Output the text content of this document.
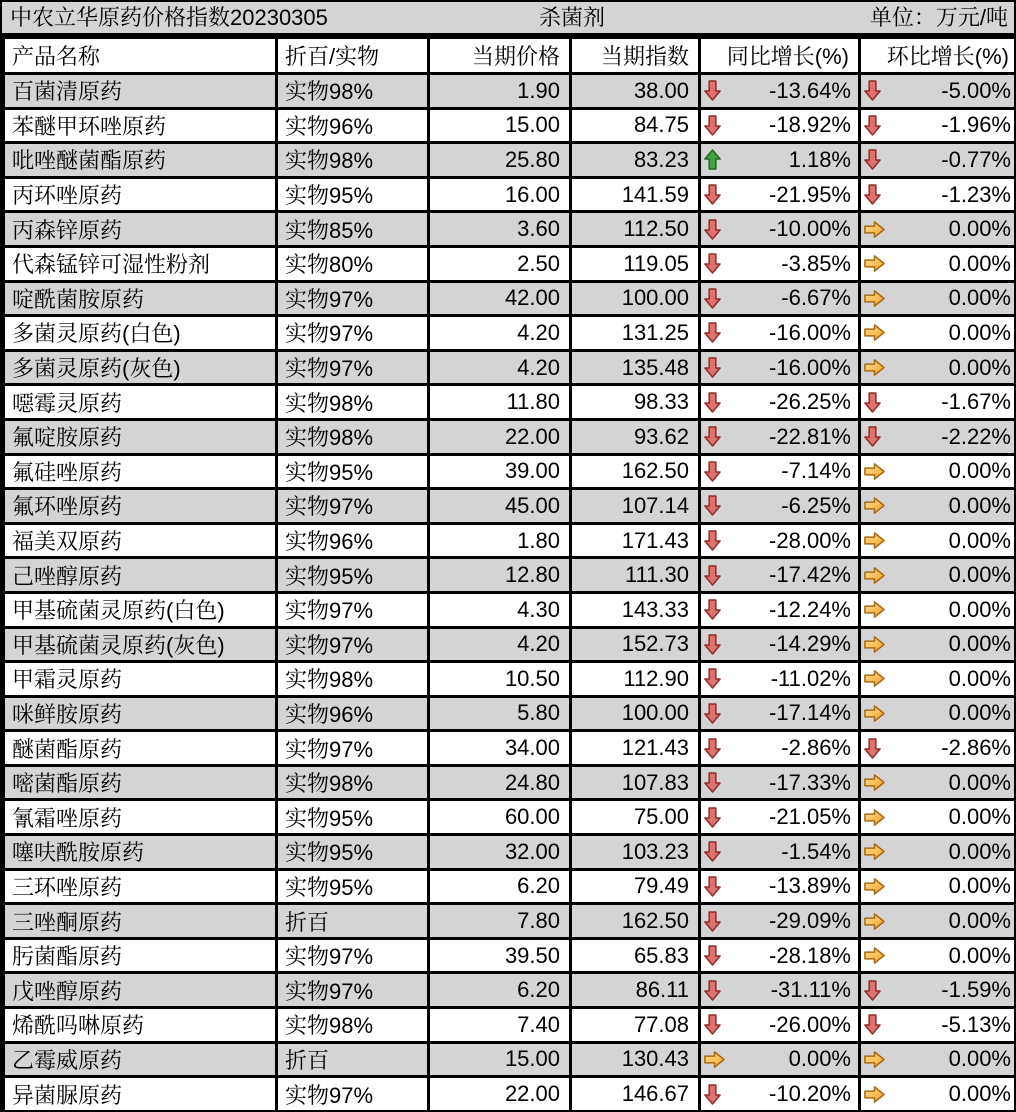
中农立华原药价格指数20230305	杀菌剂	单位：万元/吨
产品名称	折百/实物	当期价格	当期指数	同比增长(%)	环比增长(%)
百菌清原药	实物98%	1.90	38.00	-13.64%	-5.00%

苯醚甲环唑原药	实物96%	15.00	84.75	-18.92%	-1.96%

吡唑醚菌酯原药	实物98%	25.80	83.23	1.18%	-0.77%

丙环唑原药	实物95%	16.00	141.59	-21.95%	-1.23%

丙森锌原药	实物85%	3.60	112.50	-10.00%	0.00%

代森锰锌可湿性粉剂	实物80%	2.50	119.05	-3.85%	0.00%

啶酰菌胺原药	实物97%	42.00	100.00	-6.67%	0.00%

多菌灵原药(白色)	实物97%	4.20	131.25	-16.00%	0.00%

多菌灵原药(灰色)	实物97%	4.20	135.48	-16.00%	0.00%

噁霉灵原药	实物98%	11.80	98.33	-26.25%	-1.67%

氟啶胺原药	实物98%	22.00	93.62	-22.81%	-2.22%

氟硅唑原药	实物95%	39.00	162.50	-7.14%	0.00%

氟环唑原药	实物97%	45.00	107.14	-6.25%	0.00%

福美双原药	实物96%	1.80	171.43	-28.00%	0.00%

己唑醇原药	实物95%	12.80	111.30	-17.42%	0.00%

甲基硫菌灵原药(白色)	实物97%	4.30	143.33	-12.24%	0.00%

甲基硫菌灵原药(灰色)	实物97%	4.20	152.73	-14.29%	0.00%

甲霜灵原药	实物98%	10.50	112.90	-11.02%	0.00%

咪鲜胺原药	实物96%	5.80	100.00	-17.14%	0.00%

醚菌酯原药	实物97%	34.00	121.43	-2.86%	-2.86%

嘧菌酯原药	实物98%	24.80	107.83	-17.33%	0.00%

氰霜唑原药	实物95%	60.00	75.00	-21.05%	0.00%

噻呋酰胺原药	实物95%	32.00	103.23	-1.54%	0.00%

三环唑原药	实物95%	6.20	79.49	-13.89%	0.00%

三唑酮原药	折百	7.80	162.50	-29.09%	0.00%

肟菌酯原药	实物97%	39.50	65.83	-28.18%	0.00%

戊唑醇原药	实物97%	6.20	86.11	-31.11%	-1.59%

烯酰吗啉原药	实物98%	7.40	77.08	-26.00%	-5.13%

乙霉威原药	折百	15.00	130.43	0.00%	0.00%

异菌脲原药	实物97%	22.00	146.67	-10.20%	0.00%
